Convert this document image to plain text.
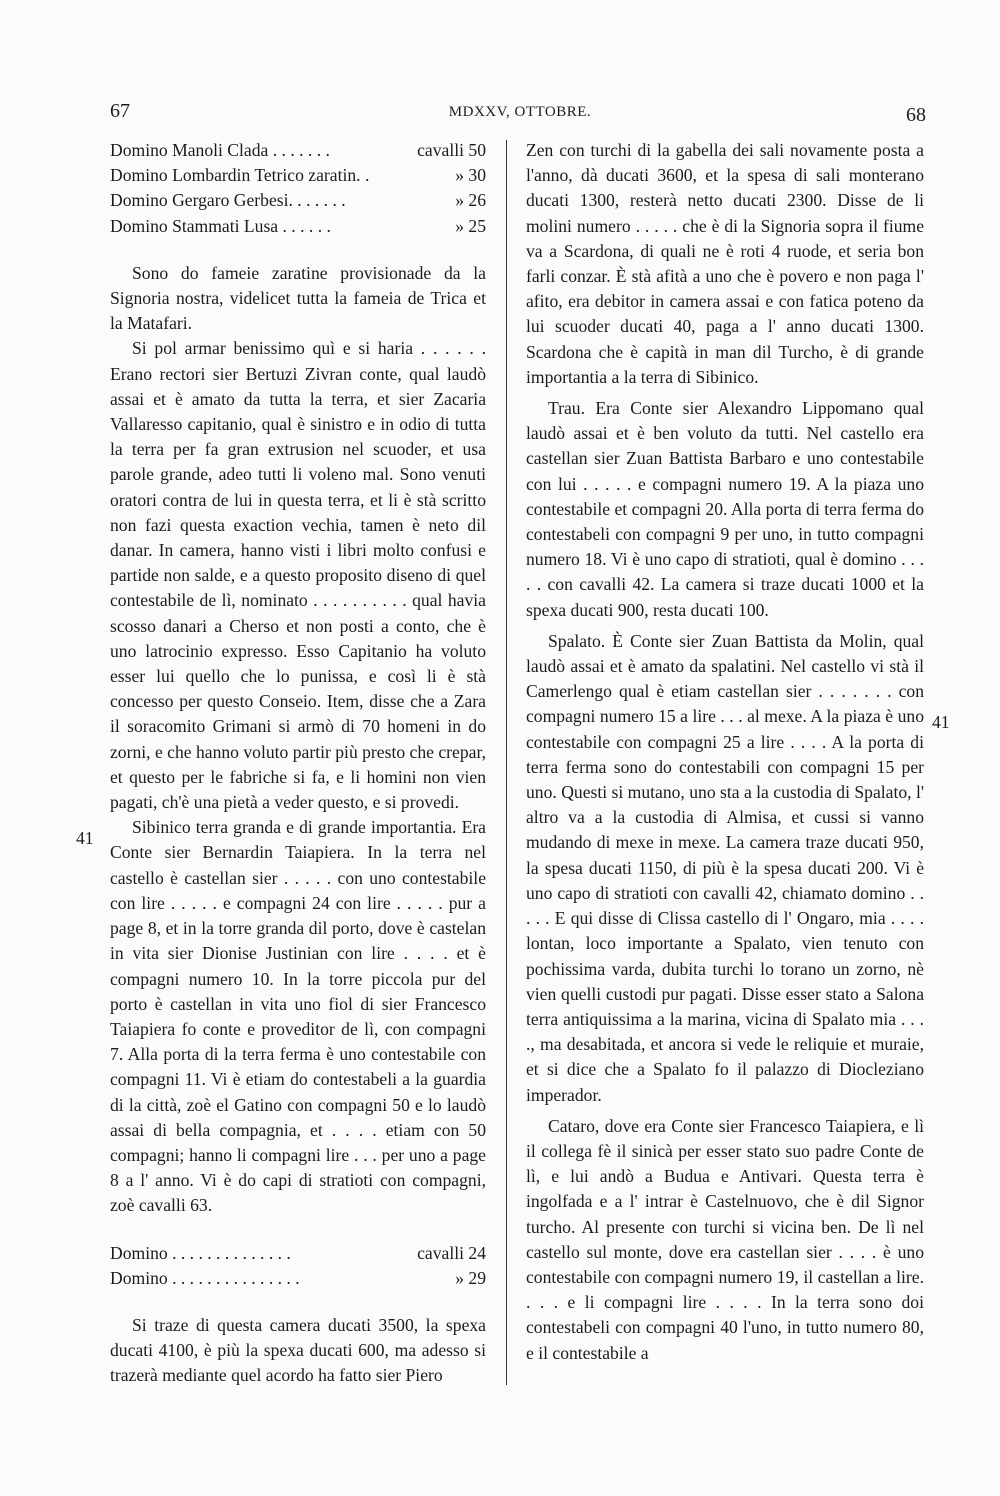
67	MDXXV, OTTOBRE.	68
41
41
Domino Manoli Clada . . . . . . .	cavalli 50
Domino Lombardin Tetrico zaratin. .	» 30
Domino Gergaro Gerbesi. . . . . . .	» 26
Domino Stammati Lusa . . . . . .	» 25

Sono do fameie zaratine provisionade da la Signoria nostra, videlicet tutta la fameia de Trica et la Matafari.

Si pol armar benissimo quì e si haria . . . . . . Erano rectori sier Bertuzi Zivran conte, qual laudò assai et è amato da tutta la terra, et sier Zacaria Vallaresso capitanio, qual è sinistro e in odio di tutta la terra per fa gran extrusion nel scuoder, et usa parole grande, adeo tutti li voleno mal. Sono venuti oratori contra de lui in questa terra, et li è stà scritto non fazi questa exaction vechia, tamen è neto dil danar. In camera, hanno visti i libri molto confusi e partide non salde, e a questo proposito diseno di quel contestabile de lì, nominato . . . . . . . . . . qual havia scosso danari a Cherso et non posti a conto, che è uno latrocinio expresso. Esso Capitanio ha voluto esser lui quello che lo punissa, e così li è stà concesso per questo Conseio. Item, disse che a Zara il soracomito Grimani si armò di 70 homeni in do zorni, e che hanno voluto partir più presto che crepar, et questo per le fabriche si fa, e li homini non vien pagati, ch'è una pietà a veder questo, e si provedi.

Sibinico terra granda e di grande importantia. Era Conte sier Bernardin Taiapiera. In la terra nel castello è castellan sier . . . . . con uno contestabile con lire . . . . . e compagni 24 con lire . . . . . pur a page 8, et in la torre granda dil porto, dove è castelan in vita sier Dionise Justinian con lire . . . . et è compagni numero 10. In la torre piccola pur del porto è castellan in vita uno fiol di sier Francesco Taiapiera fo conte e proveditor de lì, con compagni 7. Alla porta di la terra ferma è uno contestabile con compagni 11. Vi è etiam do contestabeli a la guardia di la città, zoè el Gatino con compagni 50 e lo laudò assai di bella compagnia, et . . . . etiam con 50 compagni; hanno li compagni lire . . . per uno a page 8 a l' anno. Vi è do capi di stratioti con compagni, zoè cavalli 63.

Domino . . . . . . . . . . . . . .	cavalli 24
Domino . . . . . . . . . . . . . . .	» 29

Si traze di questa camera ducati 3500, la spexa ducati 4100, è più la spexa ducati 600, ma adesso si trazerà mediante quel acordo ha fatto sier Piero

Zen con turchi di la gabella dei sali novamente posta a l'anno, dà ducati 3600, et la spesa di sali monterano ducati 1300, resterà netto ducati 2300. Disse de li molini numero . . . . . che è di la Signoria sopra il fiume va a Scardona, di quali ne è roti 4 ruode, et seria bon farli conzar. È stà afità a uno che è povero e non paga l' afito, era debitor in camera assai e con fatica poteno da lui scuoder ducati 40, paga a l' anno ducati 1300. Scardona che è capità in man dil Turcho, è di grande importantia a la terra di Sibinico.

Trau. Era Conte sier Alexandro Lippomano qual laudò assai et è ben voluto da tutti. Nel castello era castellan sier Zuan Battista Barbaro e uno contestabile con lui . . . . . e compagni numero 19. A la piaza uno contestabile et compagni 20. Alla porta di terra ferma do contestabeli con compagni 9 per uno, in tutto compagni numero 18. Vi è uno capo di stratioti, qual è domino . . . . . con cavalli 42. La camera si traze ducati 1000 et la spexa ducati 900, resta ducati 100.

Spalato. È Conte sier Zuan Battista da Molin, qual laudò assai et è amato da spalatini. Nel castello vi stà il Camerlengo qual è etiam castellan sier . . . . . . . con compagni numero 15 a lire . . . al mexe. A la piaza è uno contestabile con compagni 25 a lire . . . . A la porta di terra ferma sono do contestabili con compagni 15 per uno. Questi si mutano, uno sta a la custodia di Spalato, l' altro va a la custodia di Almisa, et cussi si vanno mudando di mexe in mexe. La camera traze ducati 950, la spesa ducati 1150, di più è la spesa ducati 200. Vi è uno capo di stratioti con cavalli 42, chiamato domino . . . . . E qui disse di Clissa castello di l' Ongaro, mia . . . . lontan, loco importante a Spalato, vien tenuto con pochissima varda, dubita turchi lo torano un zorno, nè vien quelli custodi pur pagati. Disse esser stato a Salona terra antiquissima a la marina, vicina di Spalato mia . . . ., ma desabitada, et ancora si vede le reliquie et muraie, et si dice che a Spalato fo il palazzo di Diocleziano imperador.

Cataro, dove era Conte sier Francesco Taiapiera, e lì il collega fè il sinicà per esser stato suo padre Conte de lì, e lui andò a Budua e Antivari. Questa terra è ingolfada e a l' intrar è Castelnuovo, che è dil Signor turcho. Al presente con turchi si vicina ben. De lì nel castello sul monte, dove era castellan sier . . . . è uno contestabile con compagni numero 19, il castellan a lire. . . . e li compagni lire . . . . In la terra sono doi contestabeli con compagni 40 l'uno, in tutto numero 80, e il contestabile a
